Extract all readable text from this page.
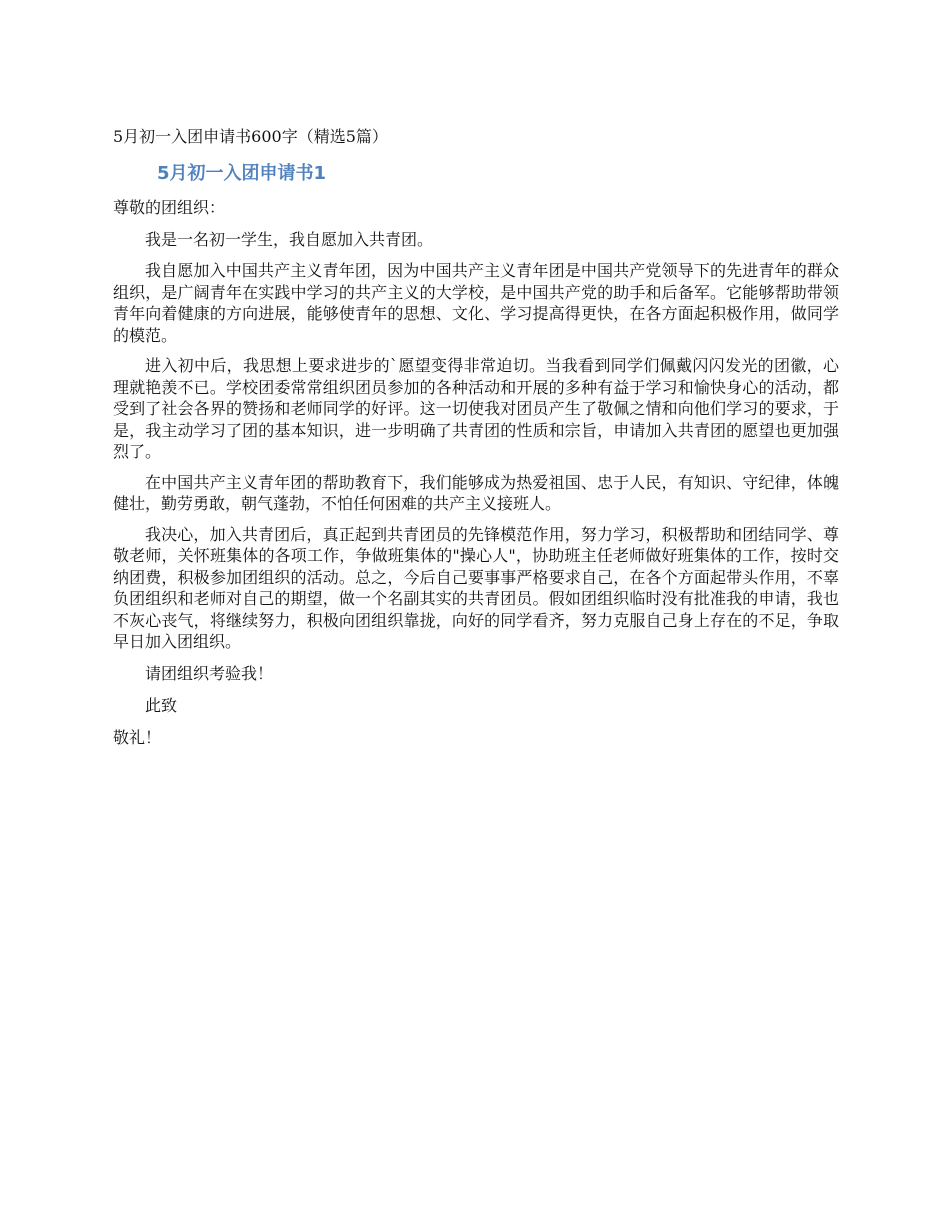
5月初一入团申请书600字（精选5篇）
5月初一入团申请书1
尊敬的团组织：

我是一名初一学生，我自愿加入共青团。

我自愿加入中国共产主义青年团，因为中国共产主义青年团是中国共产党领导下的先进青年的群众组织，是广阔青年在实践中学习的共产主义的大学校，是中国共产党的助手和后备军。它能够帮助带领青年向着健康的方向进展，能够使青年的思想、文化、学习提高得更快，在各方面起积极作用，做同学的模范。

进入初中后，我思想上要求进步的`愿望变得非常迫切。当我看到同学们佩戴闪闪发光的团徽，心理就艳羡不已。学校团委常常组织团员参加的各种活动和开展的多种有益于学习和愉快身心的活动，都受到了社会各界的赞扬和老师同学的好评。这一切使我对团员产生了敬佩之情和向他们学习的要求，于是，我主动学习了团的基本知识，进一步明确了共青团的性质和宗旨，申请加入共青团的愿望也更加强烈了。

在中国共产主义青年团的帮助教育下，我们能够成为热爱祖国、忠于人民，有知识、守纪律，体魄健壮，勤劳勇敢，朝气蓬勃，不怕任何困难的共产主义接班人。

我决心，加入共青团后，真正起到共青团员的先锋模范作用，努力学习，积极帮助和团结同学、尊敬老师，关怀班集体的各项工作，争做班集体的"操心人"，协助班主任老师做好班集体的工作，按时交纳团费，积极参加团组织的活动。总之，今后自己要事事严格要求自己，在各个方面起带头作用，不辜负团组织和老师对自己的期望，做一个名副其实的共青团员。假如团组织临时没有批准我的申请，我也不灰心丧气，将继续努力，积极向团组织靠拢，向好的同学看齐，努力克服自己身上存在的不足，争取早日加入团组织。

请团组织考验我！

此致

敬礼！
